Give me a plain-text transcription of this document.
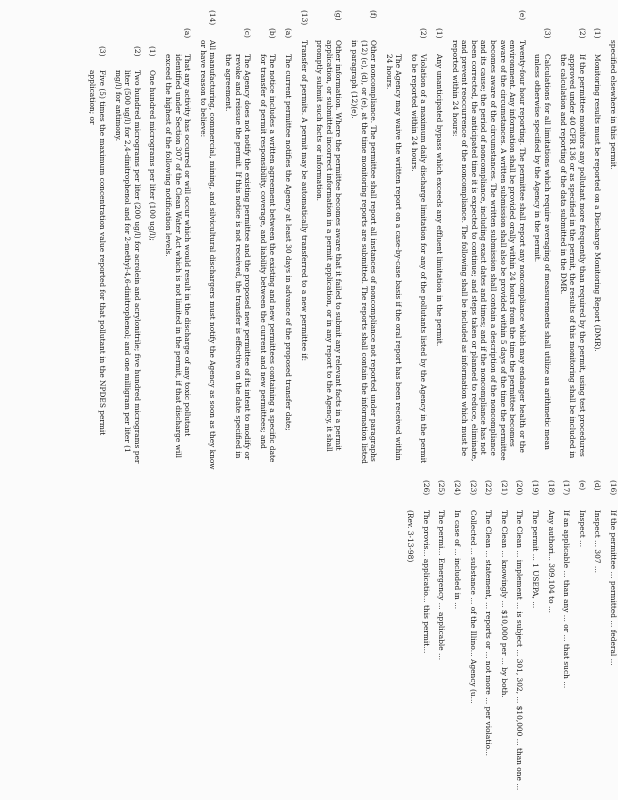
specified elsewhere in this permit.
(1)
Monitoring results must be reported on a Discharge Monitoring Report (DMR).
(2)
If the permittee monitors any pollutant more frequently than required by the permit, using test procedures approved under 40 CFR 136 or as specified in the permit, the results of this monitoring shall be included in the calculation and reporting of the data submitted in the DMR.
(3)
Calculations for all limitations which require averaging of measurements shall utilize an arithmetic mean unless otherwise specified by the Agency in the permit.
(e)
Twenty-four hour reporting. The permittee shall report any noncompliance which may endanger health or the environment. Any information shall be provided orally within 24 hours from the time the permittee becomes aware of the circumstances. A written submission shall also be provided within 5 days of the time the permittee becomes aware of the circumstances. The written submission shall contain a description of the noncompliance and its cause; the period of noncompliance, including exact dates and times; and if the noncompliance has not been corrected, the anticipated time it is expected to continue; and steps taken or planned to reduce, eliminate, and prevent reoccurrence of the noncompliance. The following shall be included as information which must be reported within 24 hours:
(1)
Any unanticipated bypass which exceeds any effluent limitation in the permit.
(2)
Violation of a maximum daily discharge limitation for any of the pollutants listed by the Agency in the permit to be reported within 24 hours.
The Agency may waive the written report on a case-by-case basis if the oral report has been received within 24 hours.
(f)
Other noncompliance. The permittee shall report all instances of noncompliance not reported under paragraphs (12) (c), (d), or (e), at the time monitoring reports are submitted. The reports shall contain the information listed in paragraph (12)(e).
(g)
Other information. Where the permittee becomes aware that it failed to submit any relevant facts in a permit application, or submitted incorrect information in a permit application, or in any report to the Agency, it shall promptly submit such facts or information.
(13)
Transfer of permits. A permit may be automatically transferred to a new permittee if:
(a)
The current permittee notifies the Agency at least 30 days in advance of the proposed transfer date;
(b)
The notice includes a written agreement between the existing and new permittees containing a specific date for transfer of permit responsibility, coverage, and liability between the current and new permittees; and
(c)
The Agency does not notify the existing permittee and the proposed new permittee of its intent to modify or revoke and reissue the permit. If this notice is not received, the transfer is effective on the date specified in the agreement.
(14)
All manufacturing, commercial, mining, and silvicultural dischargers must notify the Agency as soon as they know or have reason to believe:
(a)
That any activity has occurred or will occur which would result in the discharge of any toxic pollutant identified under Section 307 of the Clean Water Act which is not limited in the permit, if that discharge will exceed the highest of the following notification levels.
(1)
One hundred micrograms per liter (100 ug/l);
(2)
Two hundred micrograms per liter (200 ug/l) for acrolein and acrylonitrile; five hundred micrograms per liter (500 ug/l) for 2,4-dinitrophenol and for 2-methyl-4,6-dinitrophenol; and one milligram per liter (1 mg/l) for antimony.
(3)
Five (5) times the maximum concentration value reported for that pollutant in the NPDES permit application; or
(16)
If the permittee ... permitted ... federal ...
(d)
Inspect ... 307 ...
(e)
Inspect ...
(17)
If an applicable ... than any ... or ... that such ...
(18)
Any authori... 309.104 to ...
(19)
The permit ... 1 USEPA, ...
(20)
The Clean ... implement ... is subject ... 301, 302, ... $10,000 ... than one ...
(21)
The Clean ... knowingly ... $10,000 per ... by both.
(22)
The Clean ... statement, ... reports or ... not more ... per violatio...
(23)
Collected ... substance ... of the Illino... Agency (u...
(24)
In case of ... included in ...
(25)
The permi... Emergency ... applicable ...
(26)
The provis... applicatio... this permit...
(Rev. 3-13-98)
